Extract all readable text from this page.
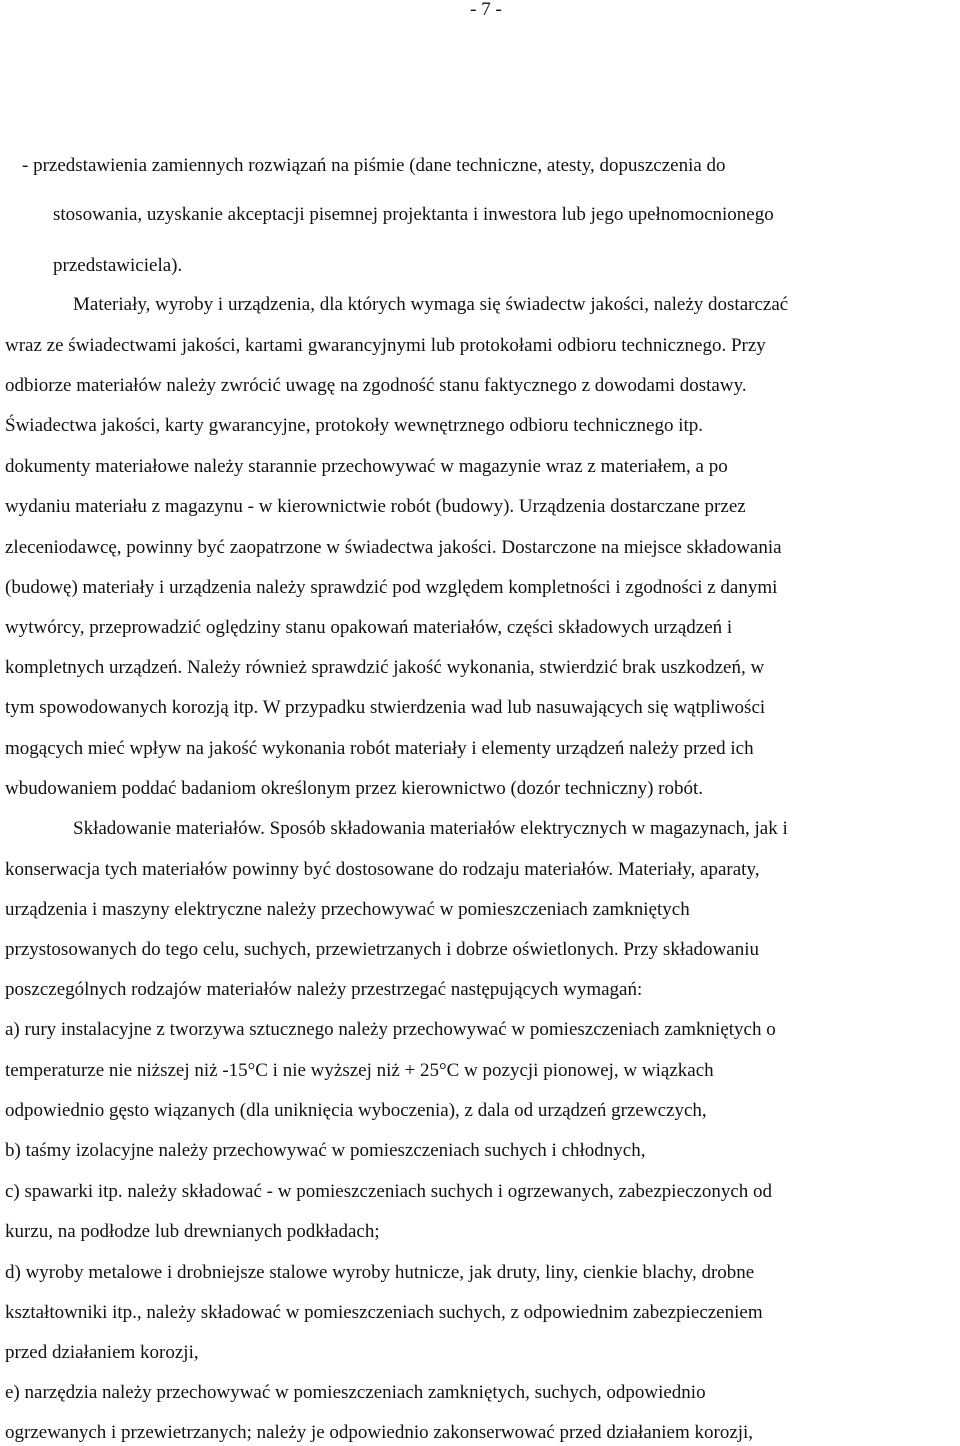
- 7 -
- przedstawienia zamiennych rozwiązań na piśmie (dane techniczne, atesty, dopuszczenia do
stosowania, uzyskanie akceptacji pisemnej projektanta i inwestora lub jego upełnomocnionego
przedstawiciela).
Materiały, wyroby i urządzenia, dla których wymaga się świadectw jakości, należy dostarczać
wraz ze świadectwami jakości, kartami gwarancyjnymi lub protokołami odbioru technicznego. Przy
odbiorze materiałów należy zwrócić uwagę na zgodność stanu faktycznego z dowodami dostawy.
Świadectwa jakości, karty gwarancyjne, protokoły wewnętrznego odbioru technicznego itp.
dokumenty materiałowe należy starannie przechowywać w magazynie wraz z materiałem, a po
wydaniu materiału z magazynu - w kierownictwie robót (budowy). Urządzenia dostarczane przez
zleceniodawcę, powinny być zaopatrzone w świadectwa jakości. Dostarczone na miejsce składowania
(budowę) materiały i urządzenia należy sprawdzić pod względem kompletności i zgodności z danymi
wytwórcy, przeprowadzić oględziny stanu opakowań materiałów, części składowych urządzeń i
kompletnych urządzeń. Należy również sprawdzić jakość wykonania, stwierdzić brak uszkodzeń, w
tym spowodowanych korozją itp. W przypadku stwierdzenia wad lub nasuwających się wątpliwości
mogących mieć wpływ na jakość wykonania robót materiały i elementy urządzeń należy przed ich
wbudowaniem poddać badaniom określonym przez kierownictwo (dozór techniczny) robót.
Składowanie materiałów. Sposób składowania materiałów elektrycznych w magazynach, jak i
konserwacja tych materiałów powinny być dostosowane do rodzaju materiałów. Materiały, aparaty,
urządzenia i maszyny elektryczne należy przechowywać w pomieszczeniach zamkniętych
przystosowanych do tego celu, suchych, przewietrzanych i dobrze oświetlonych. Przy składowaniu
poszczególnych rodzajów materiałów należy przestrzegać następujących wymagań:
a) rury instalacyjne z tworzywa sztucznego należy przechowywać w pomieszczeniach zamkniętych o
temperaturze nie niższej niż -15°C i nie wyższej niż + 25°C w pozycji pionowej, w wiązkach
odpowiednio gęsto wiązanych (dla uniknięcia wyboczenia), z dala od urządzeń grzewczych,
b) taśmy izolacyjne należy przechowywać w pomieszczeniach suchych i chłodnych,
c) spawarki itp. należy składować - w pomieszczeniach suchych i ogrzewanych, zabezpieczonych od
kurzu, na podłodze lub drewnianych podkładach;
d) wyroby metalowe i drobniejsze stalowe wyroby hutnicze, jak druty, liny, cienkie blachy, drobne
kształtowniki itp., należy składować w pomieszczeniach suchych, z odpowiednim zabezpieczeniem
przed działaniem korozji,
e) narzędzia należy przechowywać w pomieszczeniach zamkniętych, suchych, odpowiednio
ogrzewanych i przewietrzanych; należy je odpowiednio zakonserwować przed działaniem korozji,
